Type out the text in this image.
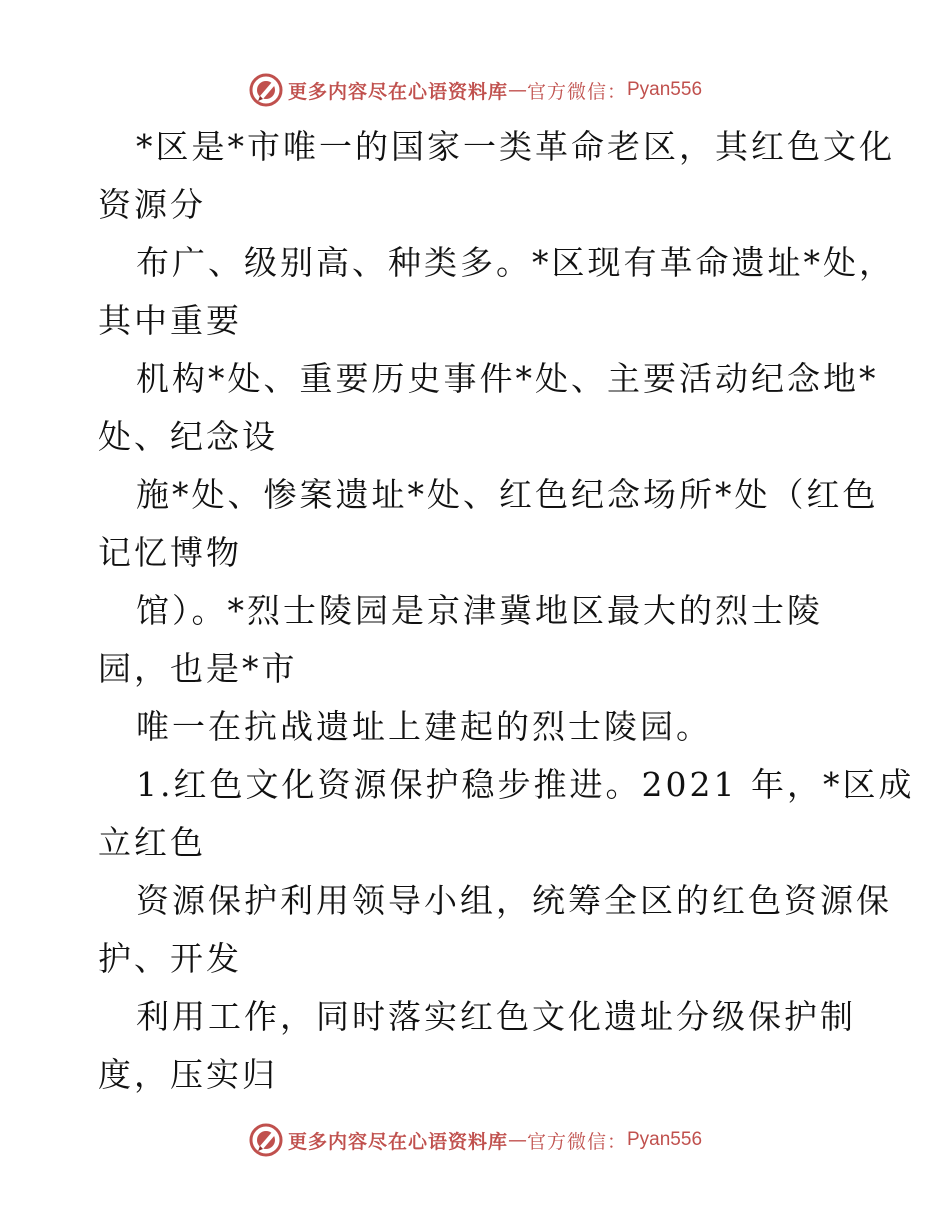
更多内容尽在心语资料库 — 官方微信： Pyan556
*区是*市唯一的国家一类革命老区，其红色文化
资源分
布广、级别高、种类多。*区现有革命遗址*处，
其中重要
机构*处、重要历史事件*处、主要活动纪念地*
处、纪念设
施*处、惨案遗址*处、红色纪念场所*处（红色
记忆博物
馆）。*烈士陵园是京津冀地区最大的烈士陵
园，也是*市
唯一在抗战遗址上建起的烈士陵园。
1.红色文化资源保护稳步推进。2021 年，*区成
立红色
资源保护利用领导小组，统筹全区的红色资源保
护、开发
利用工作，同时落实红色文化遗址分级保护制
度，压实归
更多内容尽在心语资料库 — 官方微信： Pyan556
